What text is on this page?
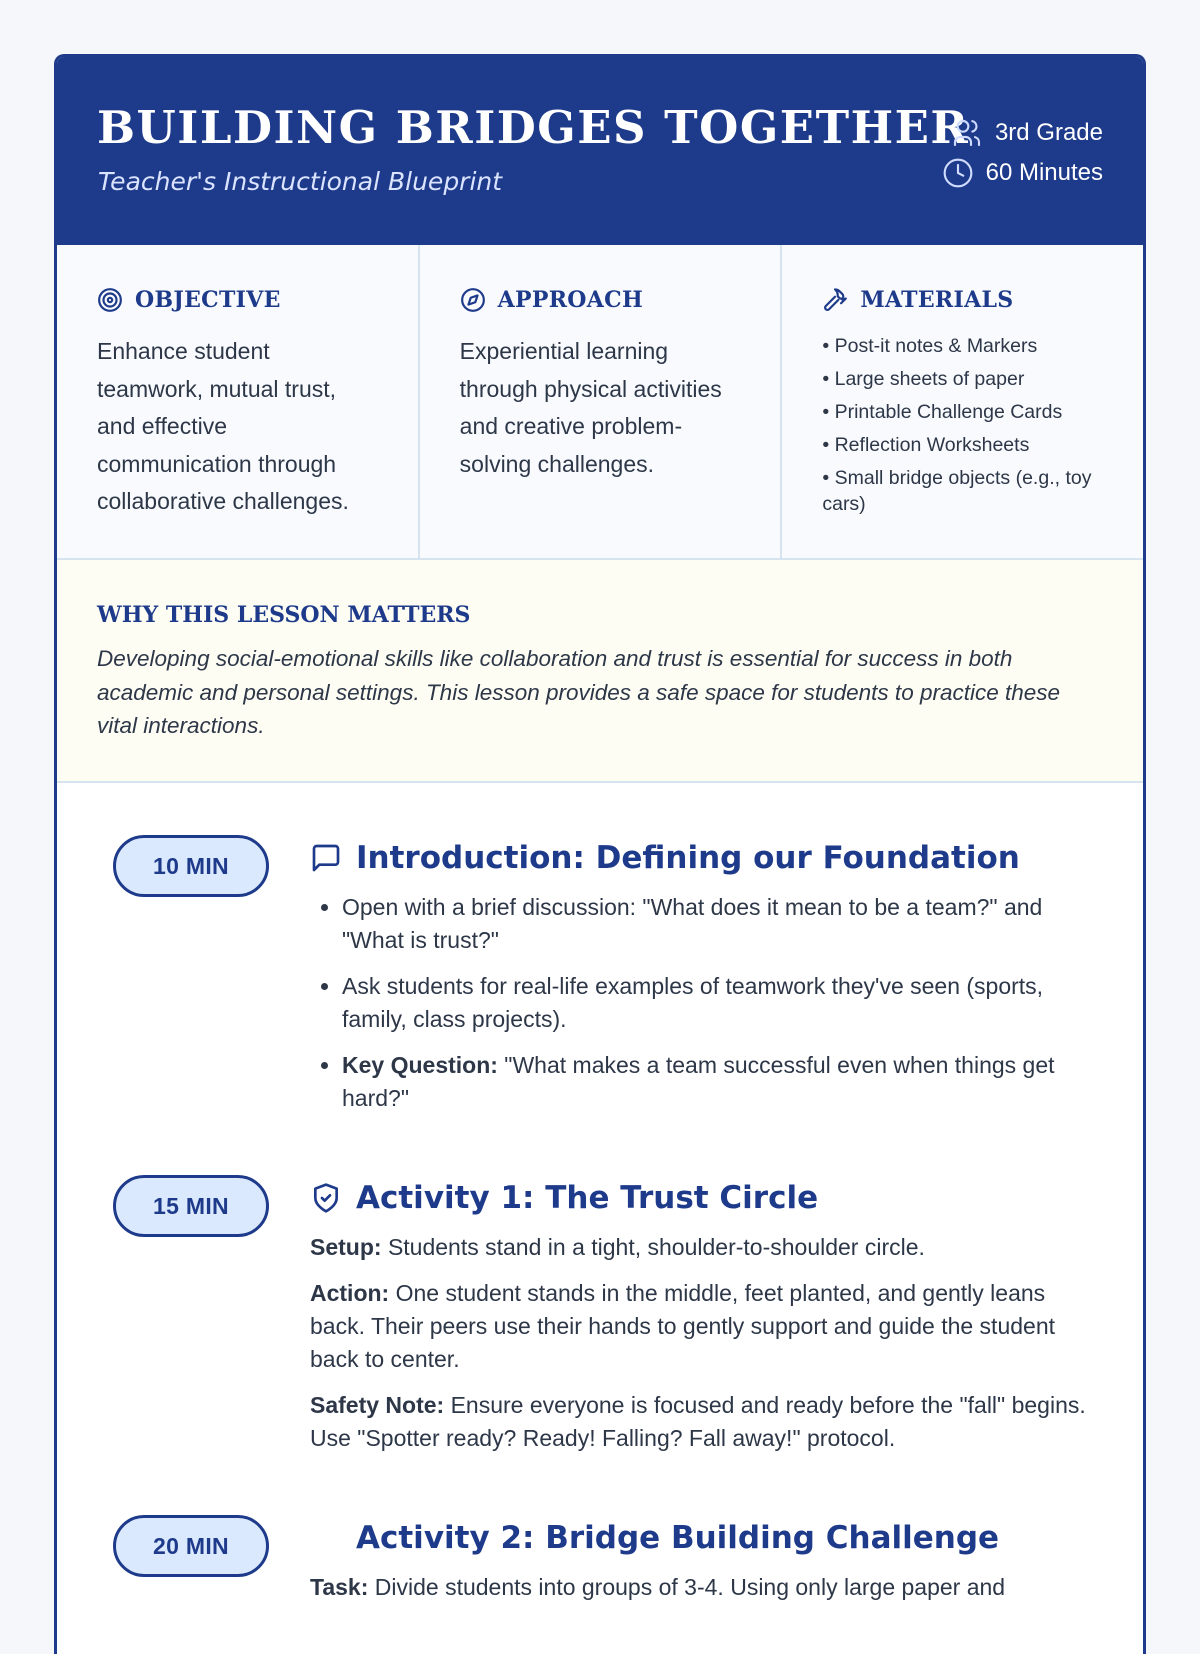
BUILDING BRIDGES TOGETHER
Teacher's Instructional Blueprint
3rd Grade
60 Minutes
OBJECTIVE

Enhance student teamwork, mutual trust, and effective communication through collaborative challenges.

APPROACH

Experiential learning through physical activities and creative problem-solving challenges.

MATERIALS
• Post-it notes & Markers
• Large sheets of paper
• Printable Challenge Cards
• Reflection Worksheets
• Small bridge objects (e.g., toy cars)
WHY THIS LESSON MATTERS

Developing social-emotional skills like collaboration and trust is essential for success in both academic and personal settings. This lesson provides a safe space for students to practice these vital interactions.

10 MIN	Introduction: Defining our Foundation
• Open with a brief discussion: "What does it mean to be a team?" and "What is trust?"
• Ask students for real-life examples of teamwork they've seen (sports, family, class projects).
• Key Question: "What makes a team successful even when things get hard?"
15 MIN	Activity 1: The Trust Circle

Setup: Students stand in a tight, shoulder-to-shoulder circle.

Action: One student stands in the middle, feet planted, and gently leans back. Their peers use their hands to gently support and guide the student back to center.

Safety Note: Ensure everyone is focused and ready before the "fall" begins. Use "Spotter ready? Ready! Falling? Fall away!" protocol.

20 MIN	Activity 2: Bridge Building Challenge

Task: Divide students into groups of 3-4. Using only large paper and
